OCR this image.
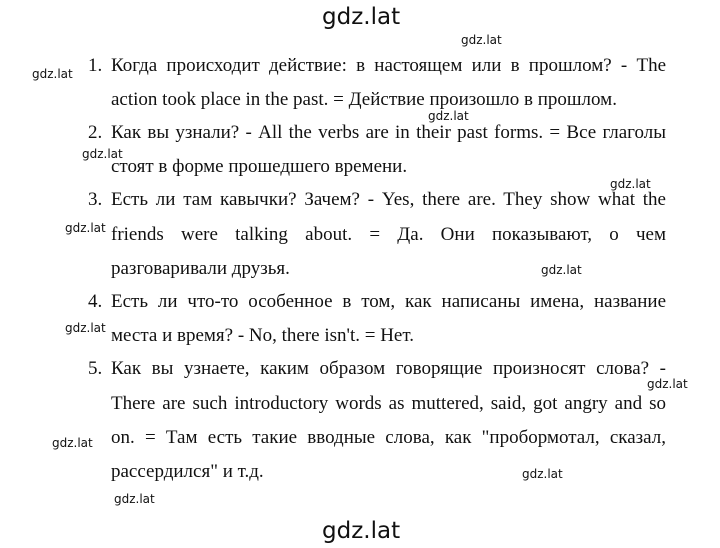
gdz.lat
gdz.lat
gdz.lat
gdz.lat
gdz.lat
gdz.lat
gdz.lat
gdz.lat
gdz.lat
gdz.lat
gdz.lat
gdz.lat
gdz.lat
gdz.lat
1. Когда происходит действие: в настоящем или в прошлом? - The
action took place in the past. = Действие произошло в прошлом.
2. Как вы узнали? - All the verbs are in their past forms. = Все глаголы
стоят в форме прошедшего времени.
3. Есть ли там кавычки? Зачем? - Yes, there are. They show what the
friends were talking about. = Да. Они показывают, о чем
разговаривали друзья.
4. Есть ли что-то особенное в том, как написаны имена, название
места и время? - No, there isn't. = Нет.
5. Как вы узнаете, каким образом говорящие произносят слова? -
There are such introductory words as muttered, said, got angry and so
on. = Там есть такие вводные слова, как "пробормотал, сказал,
рассердился" и т.д.
